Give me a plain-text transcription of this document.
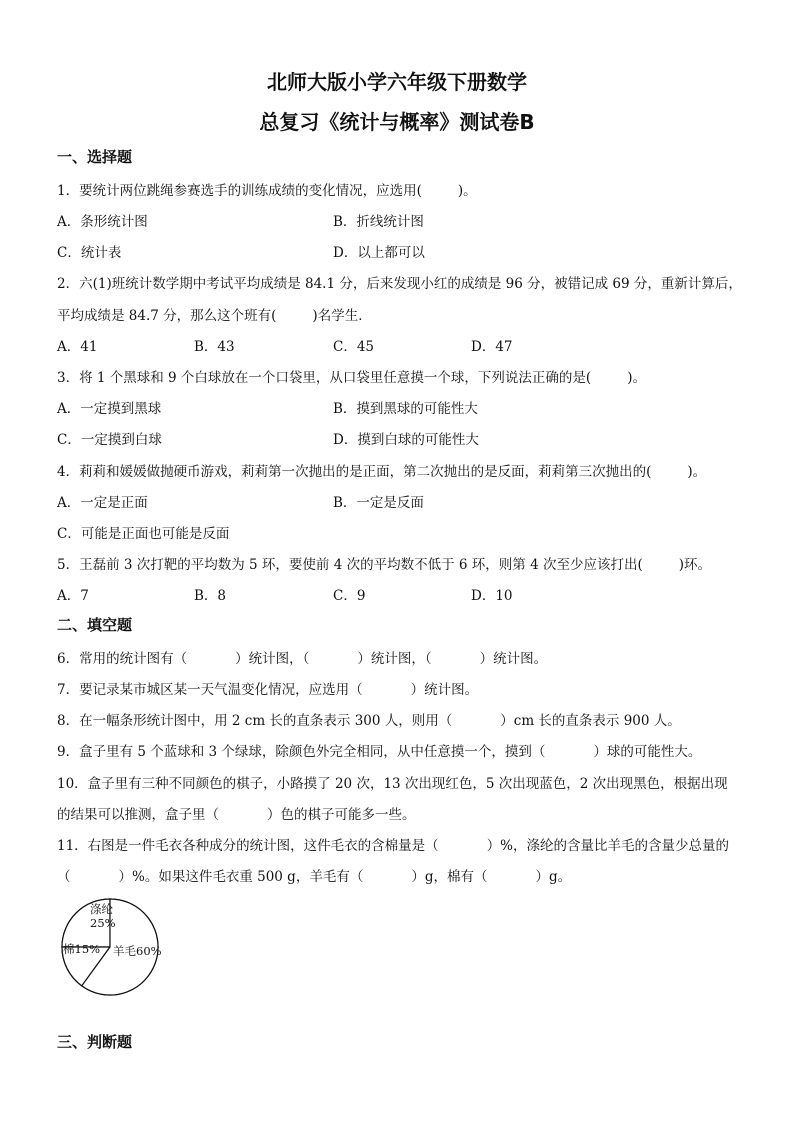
北师大版小学六年级下册数学
总复习《统计与概率》测试卷B
一、选择题
1．要统计两位跳绳参赛选手的训练成绩的变化情况，应选用(	)。
A．条形统计图	B．折线统计图
C．统计表	D．以上都可以
2．六(1)班统计数学期中考试平均成绩是 84.1 分，后来发现小红的成绩是 96 分，被错记成 69 分，重新计算后，
平均成绩是 84.7 分，那么这个班有(	)名学生．
A．41	B．43	C．45	D．47
3．将 1 个黑球和 9 个白球放在一个口袋里，从口袋里任意摸一个球，下列说法正确的是(	)。
A．一定摸到黑球	B．摸到黑球的可能性大
C．一定摸到白球	D．摸到白球的可能性大
4．莉莉和媛媛做抛硬币游戏，莉莉第一次抛出的是正面，第二次抛出的是反面，莉莉第三次抛出的(	)。
A．一定是正面	B．一定是反面
C．可能是正面也可能是反面
5．王磊前 3 次打靶的平均数为 5 环，要使前 4 次的平均数不低于 6 环，则第 4 次至少应该打出(	)环。
A．7	B．8	C．9	D．10
二、填空题
6．常用的统计图有（	）统计图，（	）统计图，（	）统计图。
7．要记录某市城区某一天气温变化情况，应选用（	）统计图。
8．在一幅条形统计图中，用 2 cm 长的直条表示 300 人，则用（	）cm 长的直条表示 900 人。
9．盒子里有 5 个蓝球和 3 个绿球，除颜色外完全相同，从中任意摸一个，摸到（	）球的可能性大。
10．盒子里有三种不同颜色的棋子，小路摸了 20 次，13 次出现红色，5 次出现蓝色，2 次出现黑色，根据出现
的结果可以推测，盒子里（	）色的棋子可能多一些。
11．右图是一件毛衣各种成分的统计图，这件毛衣的含棉量是（	）%，涤纶的含量比羊毛的含量少总量的
（	）%。如果这件毛衣重 500 g，羊毛有（	）g，棉有（	）g。
涤纶
25%
棉15% 羊毛60%
三、判断题
